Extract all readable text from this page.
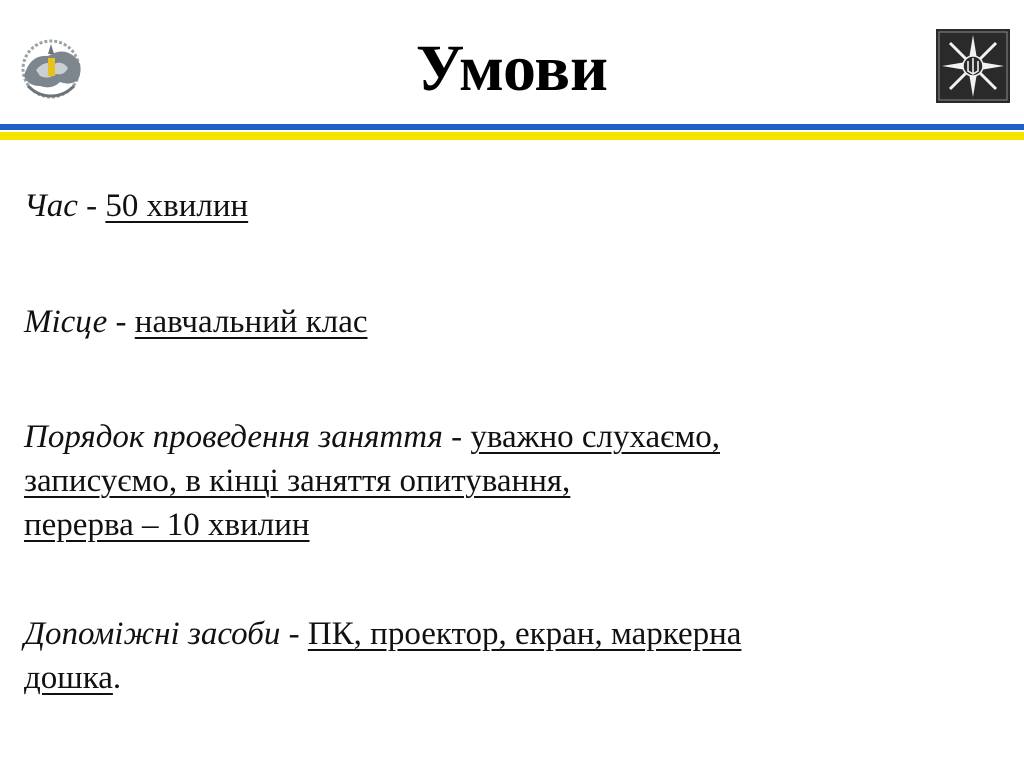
Умови

Час - 50 хвилин

Місце - навчальний клас

Порядок проведення заняття - уважно слухаємо,
записуємо, в кінці заняття опитування,
перерва – 10 хвилин

Допоміжні засоби - ПК, проектор, екран, маркерна
дошка.
